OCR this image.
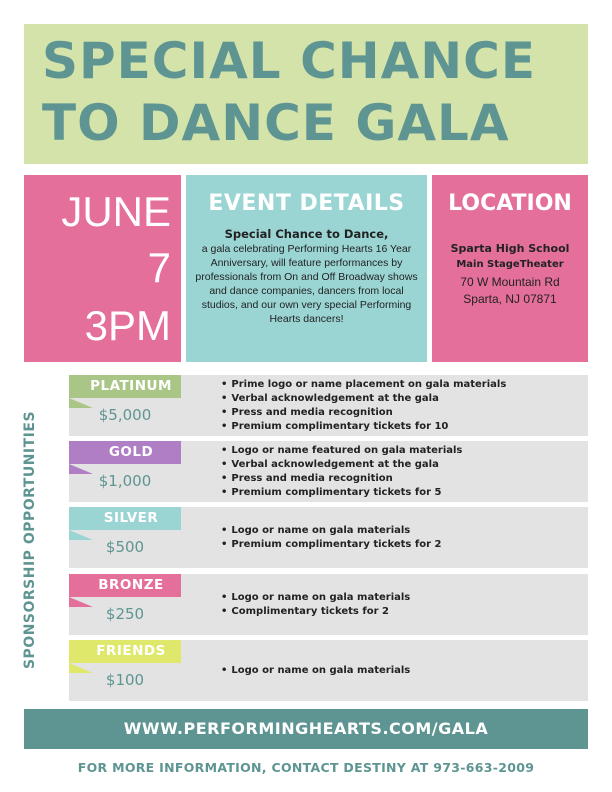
SPECIAL CHANCE
TO DANCE GALA
JUNE
7
3PM
EVENT DETAILS
Special Chance to Dance,
a gala celebrating Performing Hearts 16 Year Anniversary, will feature performances by professionals from On and Off Broadway shows and dance companies, dancers from local studios, and our own very special Performing Hearts dancers!
LOCATION
Sparta High School
Main StageTheater
70 W Mountain Rd
Sparta, NJ 07871
SPONSORSHIP OPPORTUNITIES
PLATINUM
$5,000
• Prime logo or name placement on gala materials
• Verbal acknowledgement at the gala
• Press and media recognition
• Premium complimentary tickets for 10
GOLD
$1,000
• Logo or name featured on gala materials
• Verbal acknowledgement at the gala
• Press and media recognition
• Premium complimentary tickets for 5
SILVER
$500
• Logo or name on gala materials
• Premium complimentary tickets for 2
BRONZE
$250
• Logo or name on gala materials
• Complimentary tickets for 2
FRIENDS
$100
• Logo or name on gala materials
WWW.PERFORMINGHEARTS.COM/GALA
FOR MORE INFORMATION, CONTACT DESTINY AT 973-663-2009
